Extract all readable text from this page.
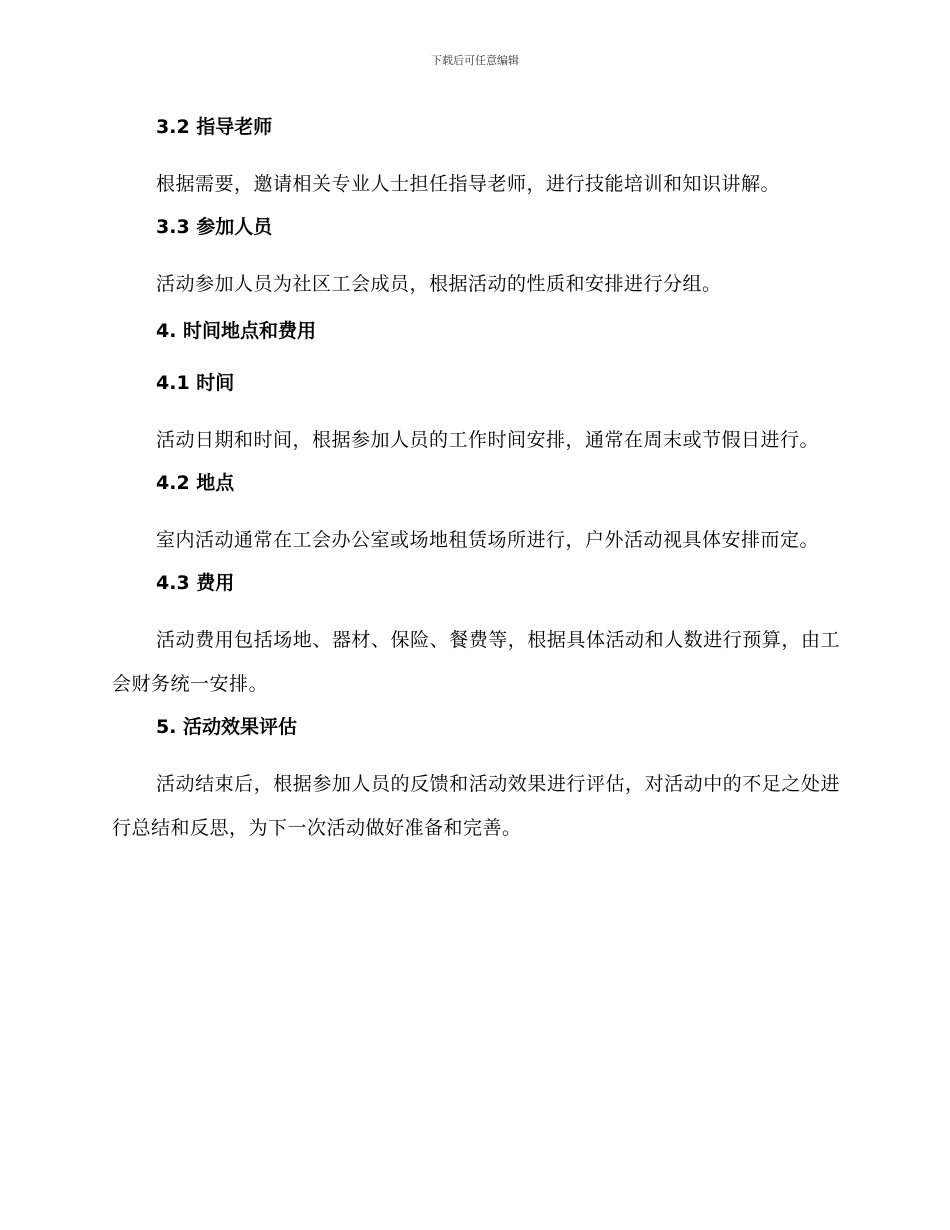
下载后可任意编辑
3.2 指导老师
根据需要，邀请相关专业人士担任指导老师，进行技能培训和知识讲解。
3.3 参加人员
活动参加人员为社区工会成员，根据活动的性质和安排进行分组。
4. 时间地点和费用
4.1 时间
活动日期和时间，根据参加人员的工作时间安排，通常在周末或节假日进行。
4.2 地点
室内活动通常在工会办公室或场地租赁场所进行，户外活动视具体安排而定。
4.3 费用
活动费用包括场地、器材、保险、餐费等，根据具体活动和人数进行预算，由工会财务统一安排。
5. 活动效果评估
活动结束后，根据参加人员的反馈和活动效果进行评估，对活动中的不足之处进行总结和反思，为下一次活动做好准备和完善。
